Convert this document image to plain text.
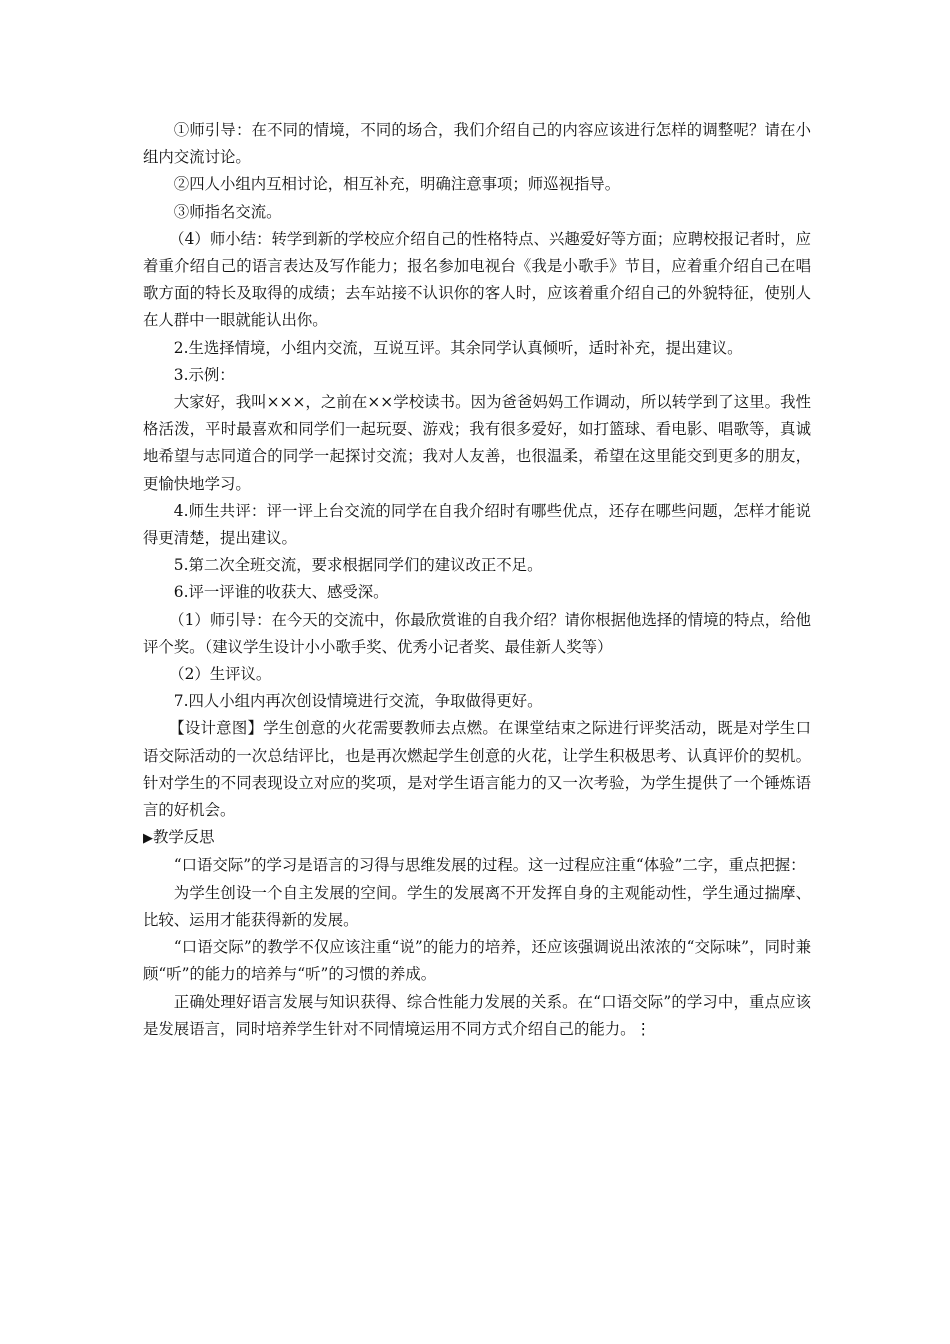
①师引导：在不同的情境，不同的场合，我们介绍自己的内容应该进行怎样的调整呢？请在小组内交流讨论。

②四人小组内互相讨论，相互补充，明确注意事项；师巡视指导。

③师指名交流。

（4）师小结：转学到新的学校应介绍自己的性格特点、兴趣爱好等方面；应聘校报记者时，应着重介绍自己的语言表达及写作能力；报名参加电视台《我是小歌手》节目，应着重介绍自己在唱歌方面的特长及取得的成绩；去车站接不认识你的客人时，应该着重介绍自己的外貌特征，使别人在人群中一眼就能认出你。

2.生选择情境，小组内交流，互说互评。其余同学认真倾听，适时补充，提出建议。

3.示例：

大家好，我叫×××，之前在××学校读书。因为爸爸妈妈工作调动，所以转学到了这里。我性格活泼，平时最喜欢和同学们一起玩耍、游戏；我有很多爱好，如打篮球、看电影、唱歌等，真诚地希望与志同道合的同学一起探讨交流；我对人友善，也很温柔，希望在这里能交到更多的朋友，更愉快地学习。

4.师生共评：评一评上台交流的同学在自我介绍时有哪些优点，还存在哪些问题，怎样才能说得更清楚，提出建议。

5.第二次全班交流，要求根据同学们的建议改正不足。

6.评一评谁的收获大、感受深。

（1）师引导：在今天的交流中，你最欣赏谁的自我介绍？请你根据他选择的情境的特点，给他评个奖。（建议学生设计小小歌手奖、优秀小记者奖、最佳新人奖等）

（2）生评议。

7.四人小组内再次创设情境进行交流，争取做得更好。

【设计意图】学生创意的火花需要教师去点燃。在课堂结束之际进行评奖活动，既是对学生口语交际活动的一次总结评比，也是再次燃起学生创意的火花，让学生积极思考、认真评价的契机。针对学生的不同表现设立对应的奖项，是对学生语言能力的又一次考验，为学生提供了一个锤炼语言的好机会。

▶教学反思

“口语交际”的学习是语言的习得与思维发展的过程。这一过程应注重“体验”二字，重点把握：

为学生创设一个自主发展的空间。学生的发展离不开发挥自身的主观能动性，学生通过揣摩、比较、运用才能获得新的发展。

“口语交际”的教学不仅应该注重“说”的能力的培养，还应该强调说出浓浓的“交际味”，同时兼顾“听”的能力的培养与“听”的习惯的养成。

正确处理好语言发展与知识获得、综合性能力发展的关系。在“口语交际”的学习中，重点应该是发展语言，同时培养学生针对不同情境运用不同方式介绍自己的能力。⋮
